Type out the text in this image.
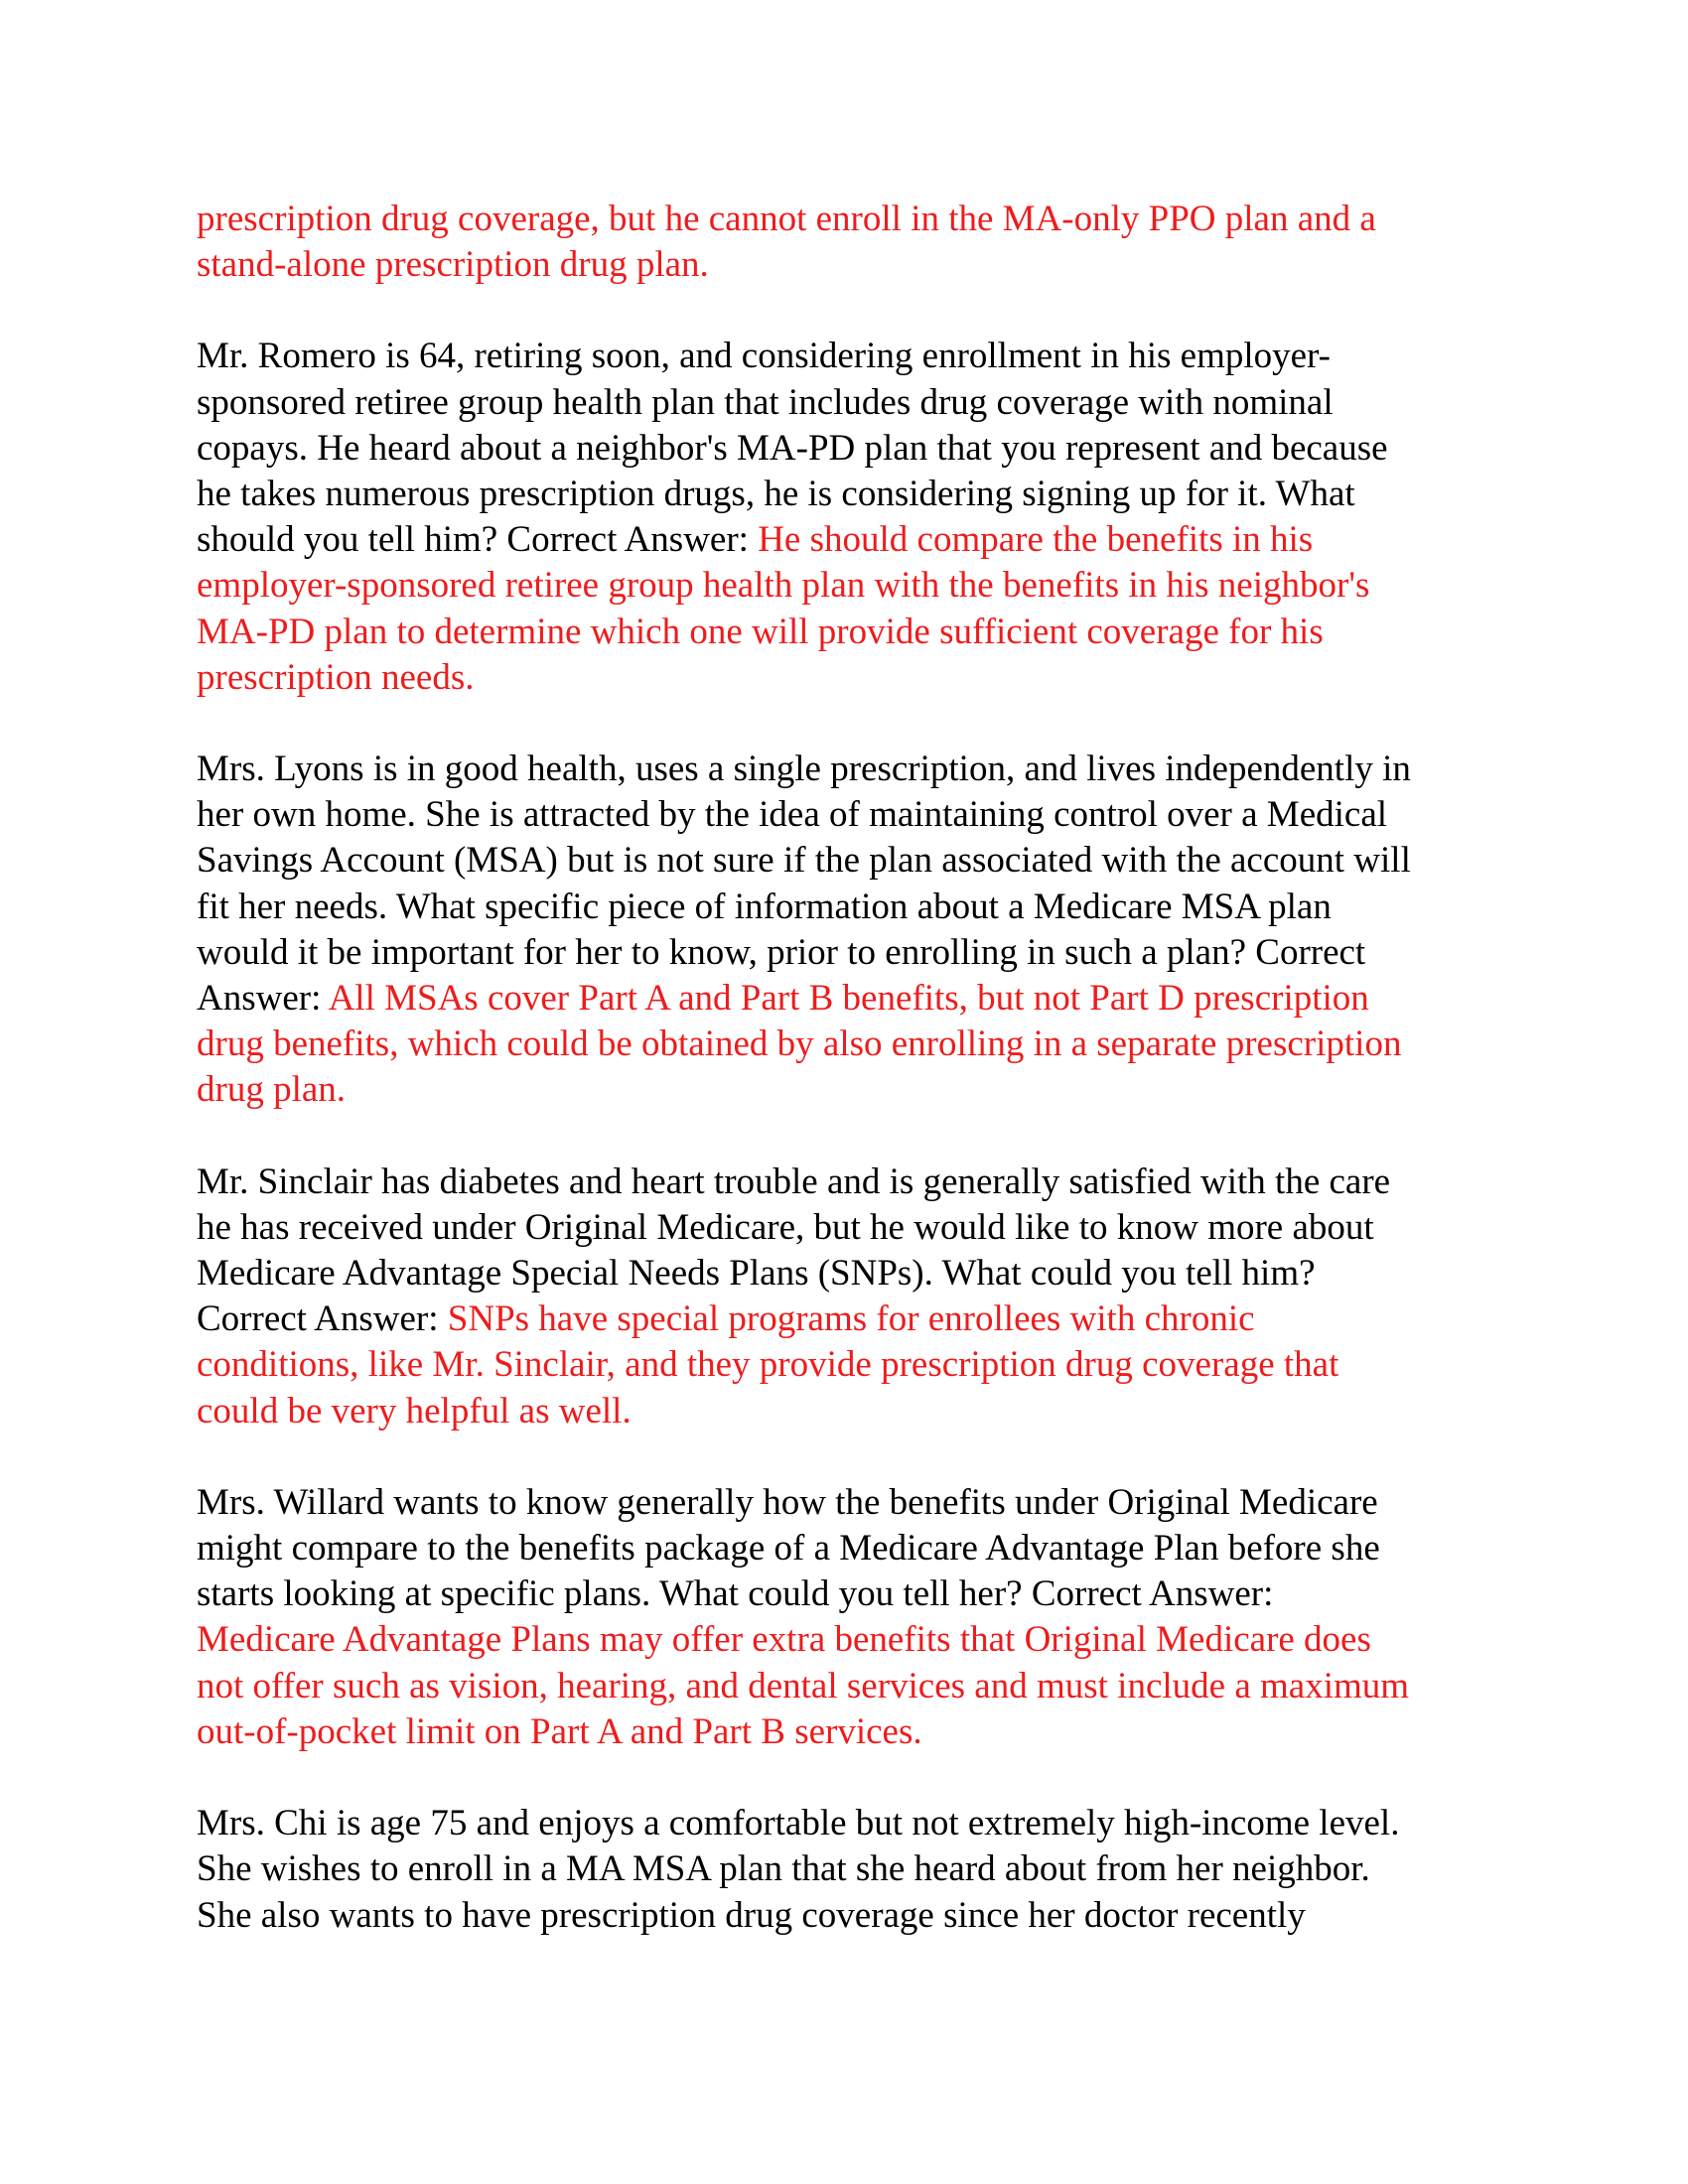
prescription drug coverage, but he cannot enroll in the MA-only PPO plan and a
stand-alone prescription drug plan.
Mr. Romero is 64, retiring soon, and considering enrollment in his employer-
sponsored retiree group health plan that includes drug coverage with nominal
copays. He heard about a neighbor's MA-PD plan that you represent and because
he takes numerous prescription drugs, he is considering signing up for it. What
should you tell him? Correct Answer: He should compare the benefits in his
employer-sponsored retiree group health plan with the benefits in his neighbor's
MA-PD plan to determine which one will provide sufficient coverage for his
prescription needs.
Mrs. Lyons is in good health, uses a single prescription, and lives independently in
her own home. She is attracted by the idea of maintaining control over a Medical
Savings Account (MSA) but is not sure if the plan associated with the account will
fit her needs. What specific piece of information about a Medicare MSA plan
would it be important for her to know, prior to enrolling in such a plan? Correct
Answer: All MSAs cover Part A and Part B benefits, but not Part D prescription
drug benefits, which could be obtained by also enrolling in a separate prescription
drug plan.
Mr. Sinclair has diabetes and heart trouble and is generally satisfied with the care
he has received under Original Medicare, but he would like to know more about
Medicare Advantage Special Needs Plans (SNPs). What could you tell him?
Correct Answer: SNPs have special programs for enrollees with chronic
conditions, like Mr. Sinclair, and they provide prescription drug coverage that
could be very helpful as well.
Mrs. Willard wants to know generally how the benefits under Original Medicare
might compare to the benefits package of a Medicare Advantage Plan before she
starts looking at specific plans. What could you tell her? Correct Answer:
Medicare Advantage Plans may offer extra benefits that Original Medicare does
not offer such as vision, hearing, and dental services and must include a maximum
out-of-pocket limit on Part A and Part B services.
Mrs. Chi is age 75 and enjoys a comfortable but not extremely high-income level.
She wishes to enroll in a MA MSA plan that she heard about from her neighbor.
She also wants to have prescription drug coverage since her doctor recently
